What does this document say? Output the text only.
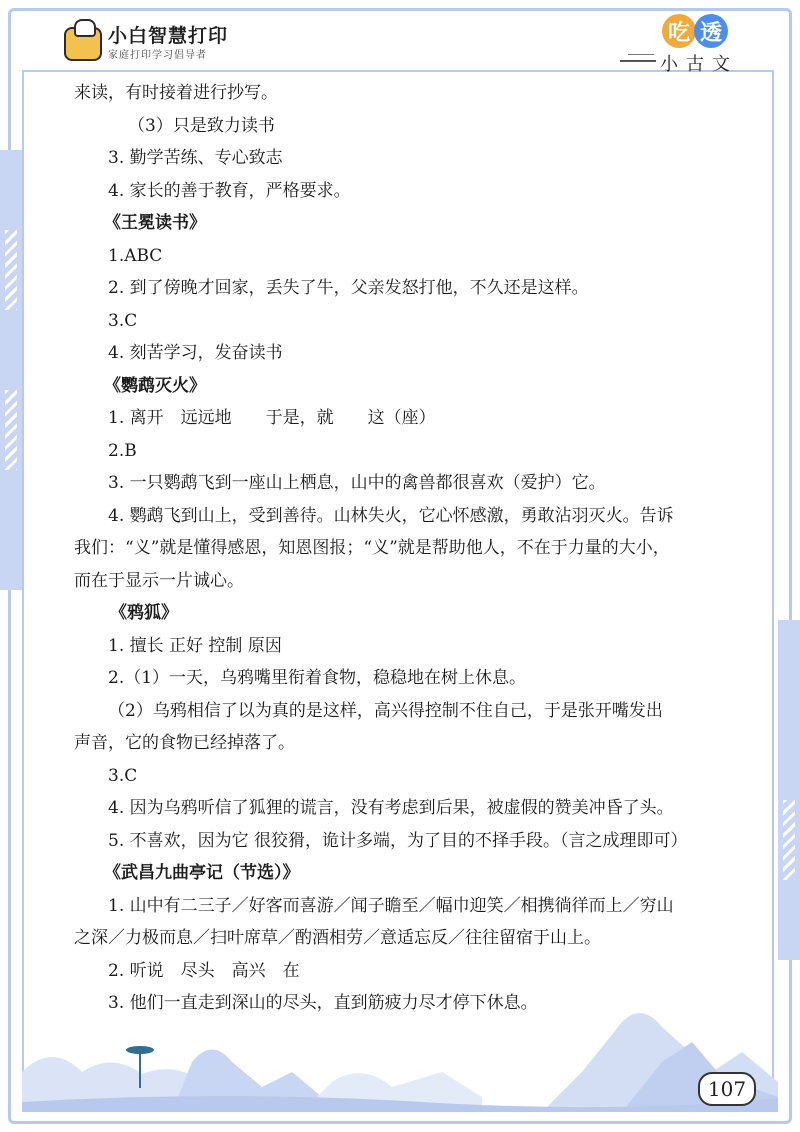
小白智慧打印
家庭打印学习倡导者
吃 透
小古文
来读，有时接着进行抄写。
（3）只是致力读书
3. 勤学苦练、专心致志
4. 家长的善于教育，严格要求。
《王冕读书》
1.ABC
2. 到了傍晚才回家，丢失了牛，父亲发怒打他，不久还是这样。
3.C
4. 刻苦学习，发奋读书
《鹦鹉灭火》
1. 离开　远远地　　于是，就　　这（座）
2.B
3. 一只鹦鹉飞到一座山上栖息，山中的禽兽都很喜欢（爱护）它。
4. 鹦鹉飞到山上，受到善待。山林失火，它心怀感激，勇敢沾羽灭火。告诉
我们：“义”就是懂得感恩，知恩图报；“义”就是帮助他人，不在于力量的大小，
而在于显示一片诚心。
《鸦狐》
1. 擅长 正好 控制 原因
2.（1）一天，乌鸦嘴里衔着食物，稳稳地在树上休息。
（2）乌鸦相信了以为真的是这样，高兴得控制不住自己，于是张开嘴发出
声音，它的食物已经掉落了。
3.C
4. 因为乌鸦听信了狐狸的谎言，没有考虑到后果，被虚假的赞美冲昏了头。
5. 不喜欢，因为它 很狡猾，诡计多端，为了目的不择手段。（言之成理即可）
《武昌九曲亭记（节选）》
1. 山中有二三子／好客而喜游／闻子瞻至／幅巾迎笑／相携徜徉而上／穷山
之深／力极而息／扫叶席草／酌酒相劳／意适忘反／往往留宿于山上。
2. 听说　尽头　高兴　在
3. 他们一直走到深山的尽头，直到筋疲力尽才停下休息。
107
